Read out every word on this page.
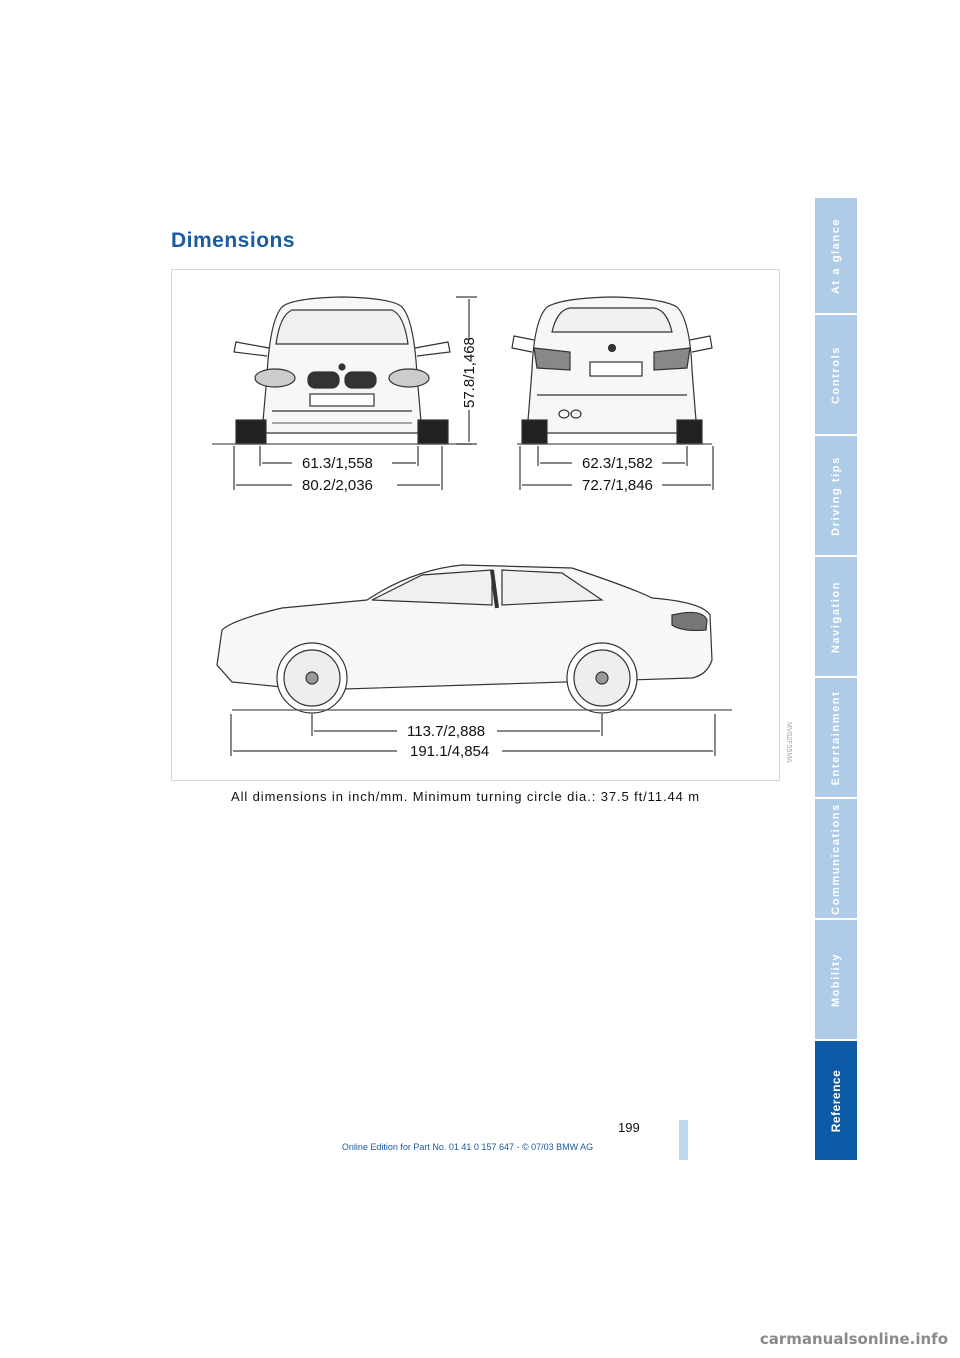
Dimensions
61.3/1,558
80.2/2,036
57.8/1,468
62.3/1,582
72.7/1,846
113.7/2,888
191.1/4,854	MV02F55MA
All dimensions in inch/mm. Minimum turning circle dia.: 37.5 ft/11.44 m
At a glance
Controls
Driving tips
Navigation
Entertainment
Communications
Mobility
Reference
199
Online Edition for Part No. 01 41 0 157 647 - © 07/03 BMW AG
carmanualsonline.info
